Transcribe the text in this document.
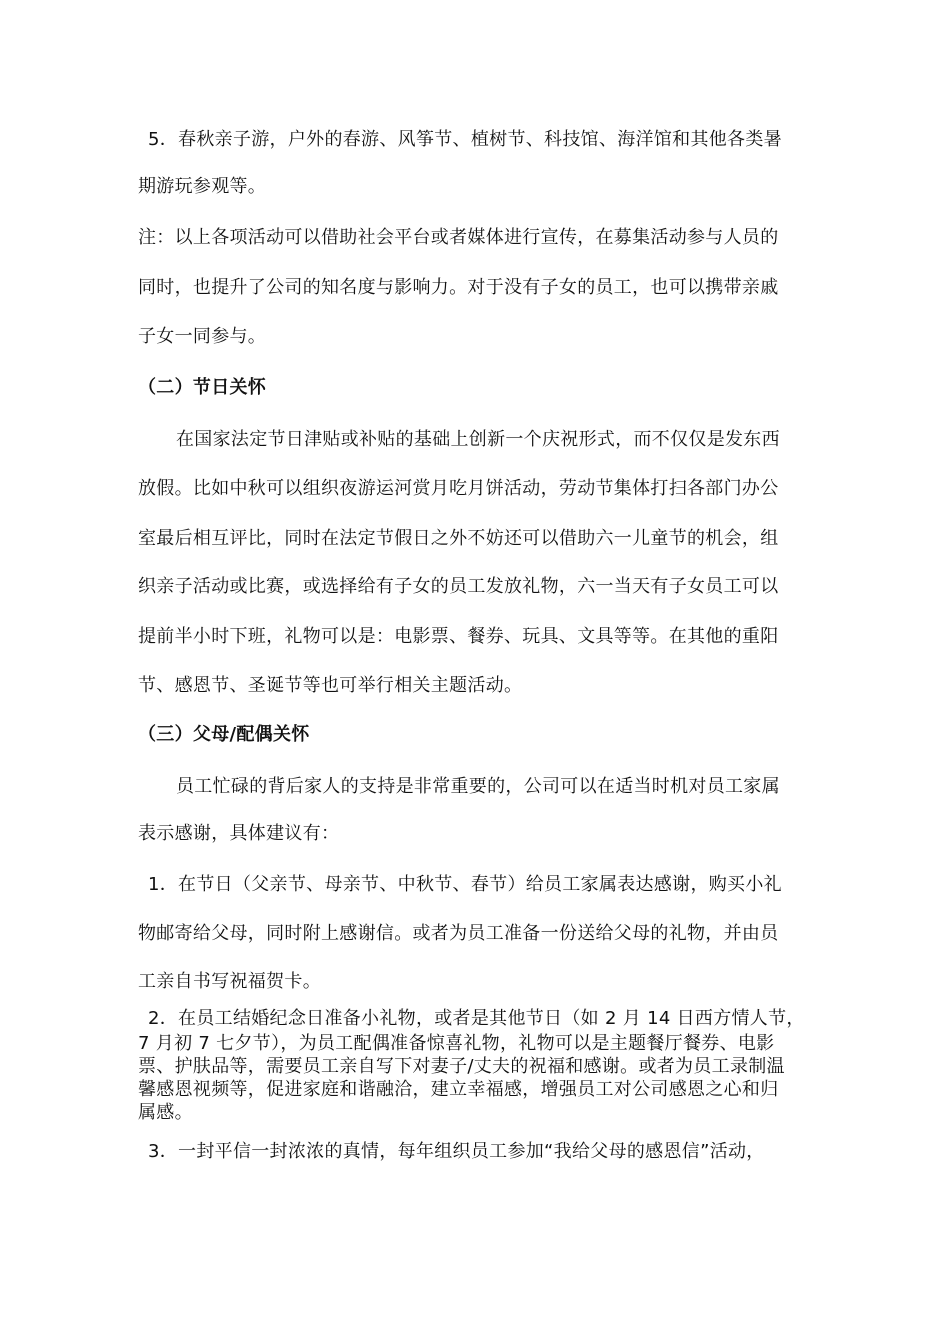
5．春秋亲子游，户外的春游、风筝节、植树节、科技馆、海洋馆和其他各类暑
期游玩参观等。
注：以上各项活动可以借助社会平台或者媒体进行宣传，在募集活动参与人员的
同时，也提升了公司的知名度与影响力。对于没有子女的员工，也可以携带亲戚
子女一同参与。
（二）节日关怀
在国家法定节日津贴或补贴的基础上创新一个庆祝形式，而不仅仅是发东西
放假。比如中秋可以组织夜游运河赏月吃月饼活动，劳动节集体打扫各部门办公
室最后相互评比，同时在法定节假日之外不妨还可以借助六一儿童节的机会，组
织亲子活动或比赛，或选择给有子女的员工发放礼物，六一当天有子女员工可以
提前半小时下班，礼物可以是：电影票、餐券、玩具、文具等等。在其他的重阳
节、感恩节、圣诞节等也可举行相关主题活动。
（三）父母/配偶关怀
员工忙碌的背后家人的支持是非常重要的，公司可以在适当时机对员工家属
表示感谢，具体建议有：
1．在节日（父亲节、母亲节、中秋节、春节）给员工家属表达感谢，购买小礼
物邮寄给父母，同时附上感谢信。或者为员工准备一份送给父母的礼物，并由员
工亲自书写祝福贺卡。
2．在员工结婚纪念日准备小礼物，或者是其他节日（如 2 月 14 日西方情人节，
7 月初 7 七夕节），为员工配偶准备惊喜礼物，礼物可以是主题餐厅餐券、电影
票、护肤品等，需要员工亲自写下对妻子/丈夫的祝福和感谢。或者为员工录制温
馨感恩视频等，促进家庭和谐融洽，建立幸福感，增强员工对公司感恩之心和归
属感。
3．一封平信一封浓浓的真情，每年组织员工参加“我给父母的感恩信”活动，
